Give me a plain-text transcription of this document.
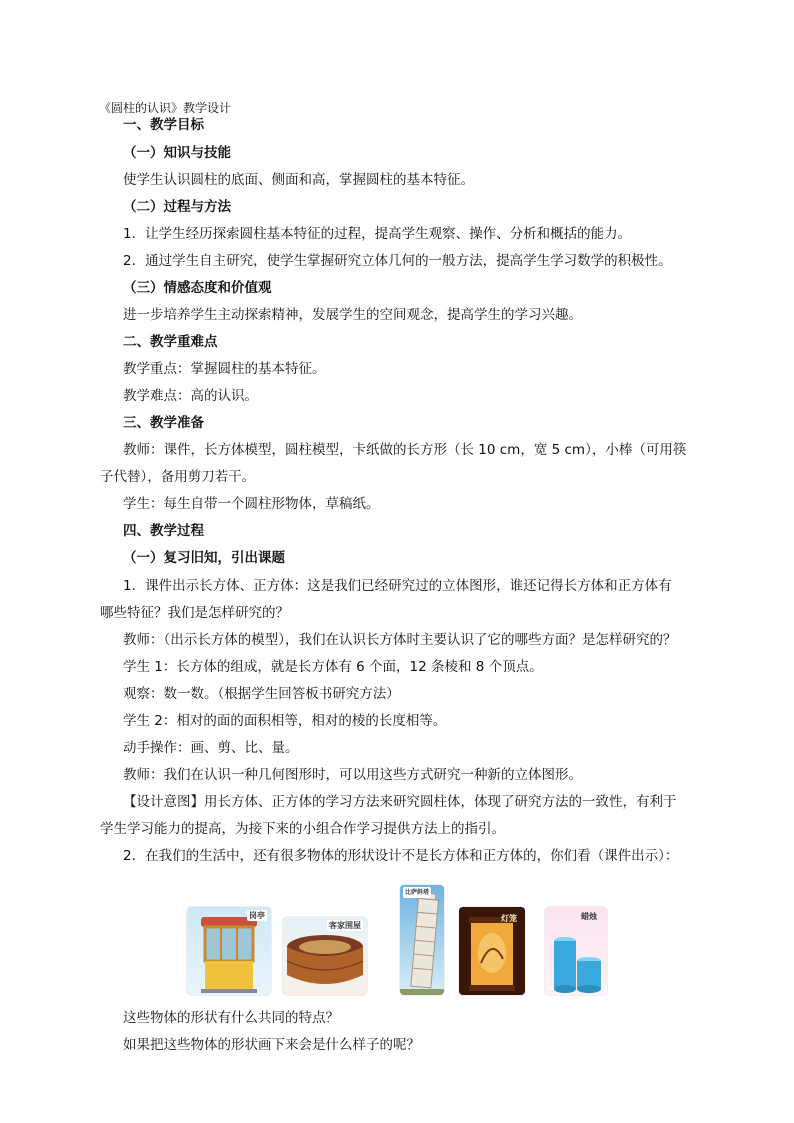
《圆柱的认识》教学设计
一、教学目标
（一）知识与技能
使学生认识圆柱的底面、侧面和高，掌握圆柱的基本特征。
（二）过程与方法
1．让学生经历探索圆柱基本特征的过程，提高学生观察、操作、分析和概括的能力。
2．通过学生自主研究，使学生掌握研究立体几何的一般方法，提高学生学习数学的积极性。
（三）情感态度和价值观
进一步培养学生主动探索精神，发展学生的空间观念，提高学生的学习兴趣。
二、教学重难点
教学重点：掌握圆柱的基本特征。
教学难点：高的认识。
三、教学准备
教师：课件，长方体模型，圆柱模型，卡纸做的长方形（长 10 cm，宽 5 cm），小棒（可用筷
子代替），备用剪刀若干。
学生：每生自带一个圆柱形物体，草稿纸。
四、教学过程
（一）复习旧知，引出课题
1．课件出示长方体、正方体：这是我们已经研究过的立体图形，谁还记得长方体和正方体有
哪些特征？我们是怎样研究的？
教师：（出示长方体的模型），我们在认识长方体时主要认识了它的哪些方面？是怎样研究的？
学生 1：长方体的组成，就是长方体有 6 个面，12 条棱和 8 个顶点。
观察：数一数。（根据学生回答板书研究方法）
学生 2：相对的面的面积相等，相对的棱的长度相等。
动手操作：画、剪、比、量。
教师：我们在认识一种几何图形时，可以用这些方式研究一种新的立体图形。
【设计意图】用长方体、正方体的学习方法来研究圆柱体，体现了研究方法的一致性，有利于
学生学习能力的提高，为接下来的小组合作学习提供方法上的指引。
2．在我们的生活中，还有很多物体的形状设计不是长方体和正方体的，你们看（课件出示）：
岗亭
客家围屋
比萨斜塔
灯笼	蜡烛
这些物体的形状有什么共同的特点？
如果把这些物体的形状画下来会是什么样子的呢？
